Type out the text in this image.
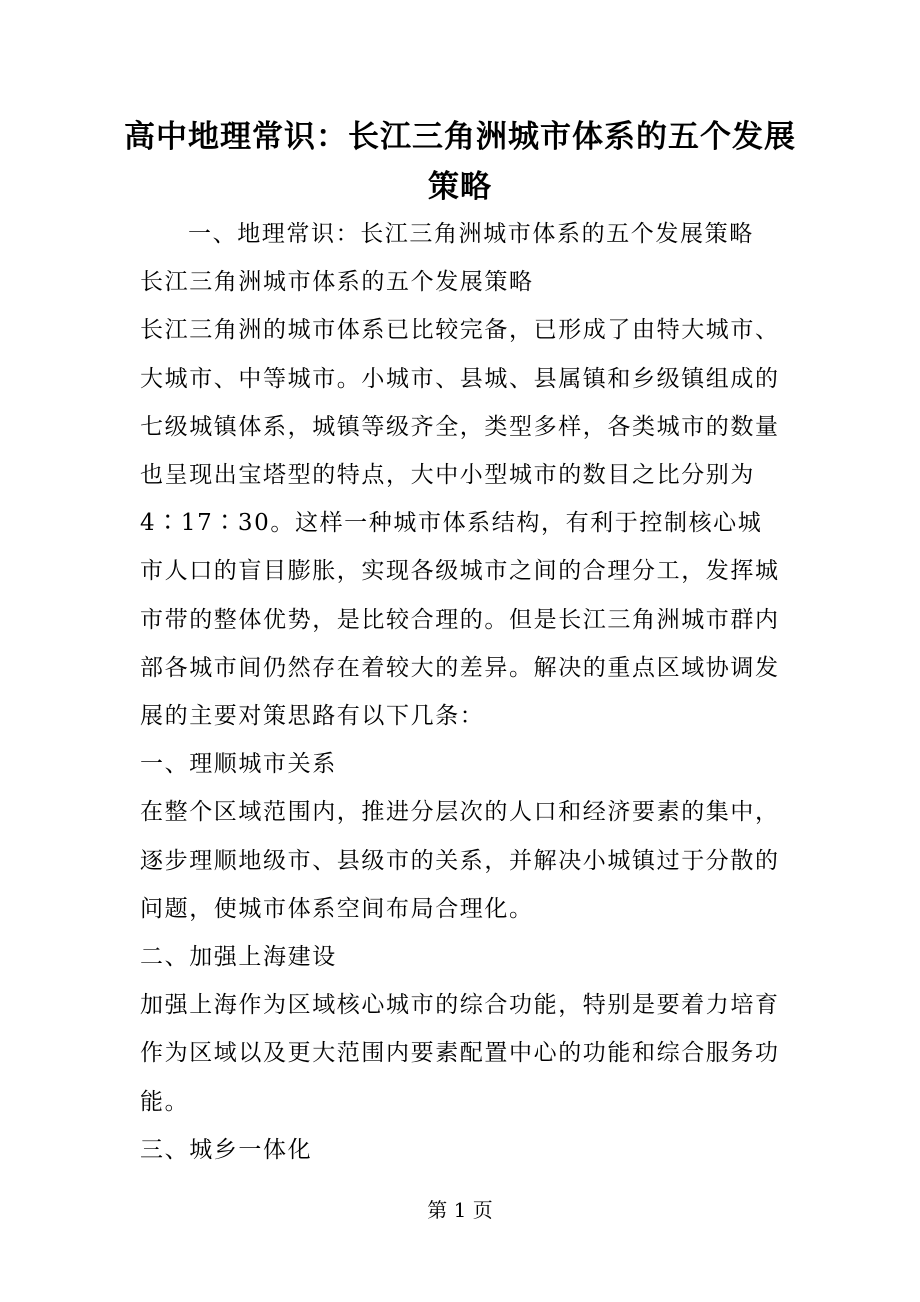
高中地理常识：长江三角洲城市体系的五个发展策略

一、地理常识：长江三角洲城市体系的五个发展策略

长江三角洲城市体系的五个发展策略

长江三角洲的城市体系已比较完备，已形成了由特大城市、大城市、中等城市。小城市、县城、县属镇和乡级镇组成的七级城镇体系，城镇等级齐全，类型多样，各类城市的数量也呈现出宝塔型的特点，大中小型城市的数目之比分别为4∶17∶30。这样一种城市体系结构，有利于控制核心城市人口的盲目膨胀，实现各级城市之间的合理分工，发挥城市带的整体优势，是比较合理的。但是长江三角洲城市群内部各城市间仍然存在着较大的差异。解决的重点区域协调发展的主要对策思路有以下几条：

一、理顺城市关系

在整个区域范围内，推进分层次的人口和经济要素的集中，逐步理顺地级市、县级市的关系，并解决小城镇过于分散的问题，使城市体系空间布局合理化。

二、加强上海建设

加强上海作为区域核心城市的综合功能，特别是要着力培育作为区域以及更大范围内要素配置中心的功能和综合服务功能。

三、城乡一体化

第 1 页
